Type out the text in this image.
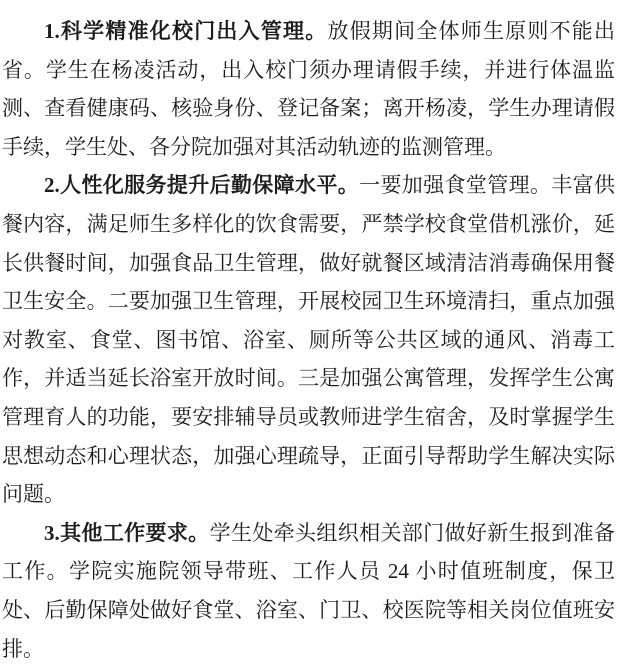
1.科学精准化校门出入管理。放假期间全体师生原则不能出省。学生在杨凌活动，出入校门须办理请假手续，并进行体温监测、查看健康码、核验身份、登记备案；离开杨凌，学生办理请假手续，学生处、各分院加强对其活动轨迹的监测管理。

2.人性化服务提升后勤保障水平。一要加强食堂管理。丰富供餐内容，满足师生多样化的饮食需要，严禁学校食堂借机涨价，延长供餐时间，加强食品卫生管理，做好就餐区域清洁消毒确保用餐卫生安全。二要加强卫生管理，开展校园卫生环境清扫，重点加强对教室、食堂、图书馆、浴室、厕所等公共区域的通风、消毒工作，并适当延长浴室开放时间。三是加强公寓管理，发挥学生公寓管理育人的功能，要安排辅导员或教师进学生宿舍，及时掌握学生思想动态和心理状态，加强心理疏导，正面引导帮助学生解决实际问题。

3.其他工作要求。学生处牵头组织相关部门做好新生报到准备工作。学院实施院领导带班、工作人员 24 小时值班制度，保卫处、后勤保障处做好食堂、浴室、门卫、校医院等相关岗位值班安排。
